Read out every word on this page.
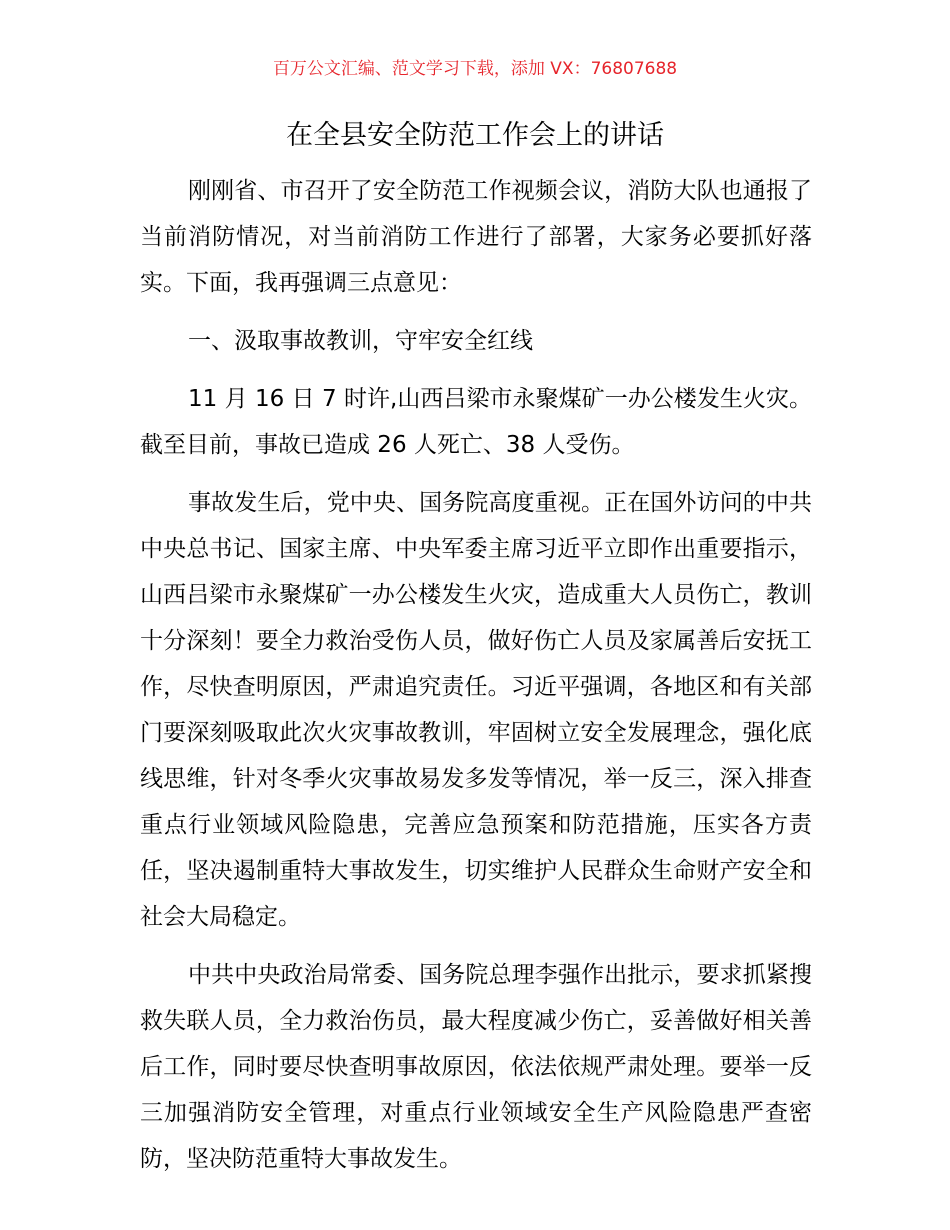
百万公文汇编、范文学习下载，添加 VX：76807688
在全县安全防范工作会上的讲话

刚刚省、市召开了安全防范工作视频会议，消防大队也通报了当前消防情况，对当前消防工作进行了部署，大家务必要抓好落实。下面，我再强调三点意见：

一、汲取事故教训，守牢安全红线

11 月 16 日 7 时许,山西吕梁市永聚煤矿一办公楼发生火灾。截至目前，事故已造成 26 人死亡、38 人受伤。

事故发生后，党中央、国务院高度重视。正在国外访问的中共中央总书记、国家主席、中央军委主席习近平立即作出重要指示，山西吕梁市永聚煤矿一办公楼发生火灾，造成重大人员伤亡，教训十分深刻！要全力救治受伤人员，做好伤亡人员及家属善后安抚工作，尽快查明原因，严肃追究责任。习近平强调，各地区和有关部门要深刻吸取此次火灾事故教训，牢固树立安全发展理念，强化底线思维，针对冬季火灾事故易发多发等情况，举一反三，深入排查重点行业领域风险隐患，完善应急预案和防范措施，压实各方责任，坚决遏制重特大事故发生，切实维护人民群众生命财产安全和社会大局稳定。

中共中央政治局常委、国务院总理李强作出批示，要求抓紧搜救失联人员，全力救治伤员，最大程度减少伤亡，妥善做好相关善后工作，同时要尽快查明事故原因，依法依规严肃处理。要举一反三加强消防安全管理，对重点行业领域安全生产风险隐患严查密防，坚决防范重特大事故发生。
